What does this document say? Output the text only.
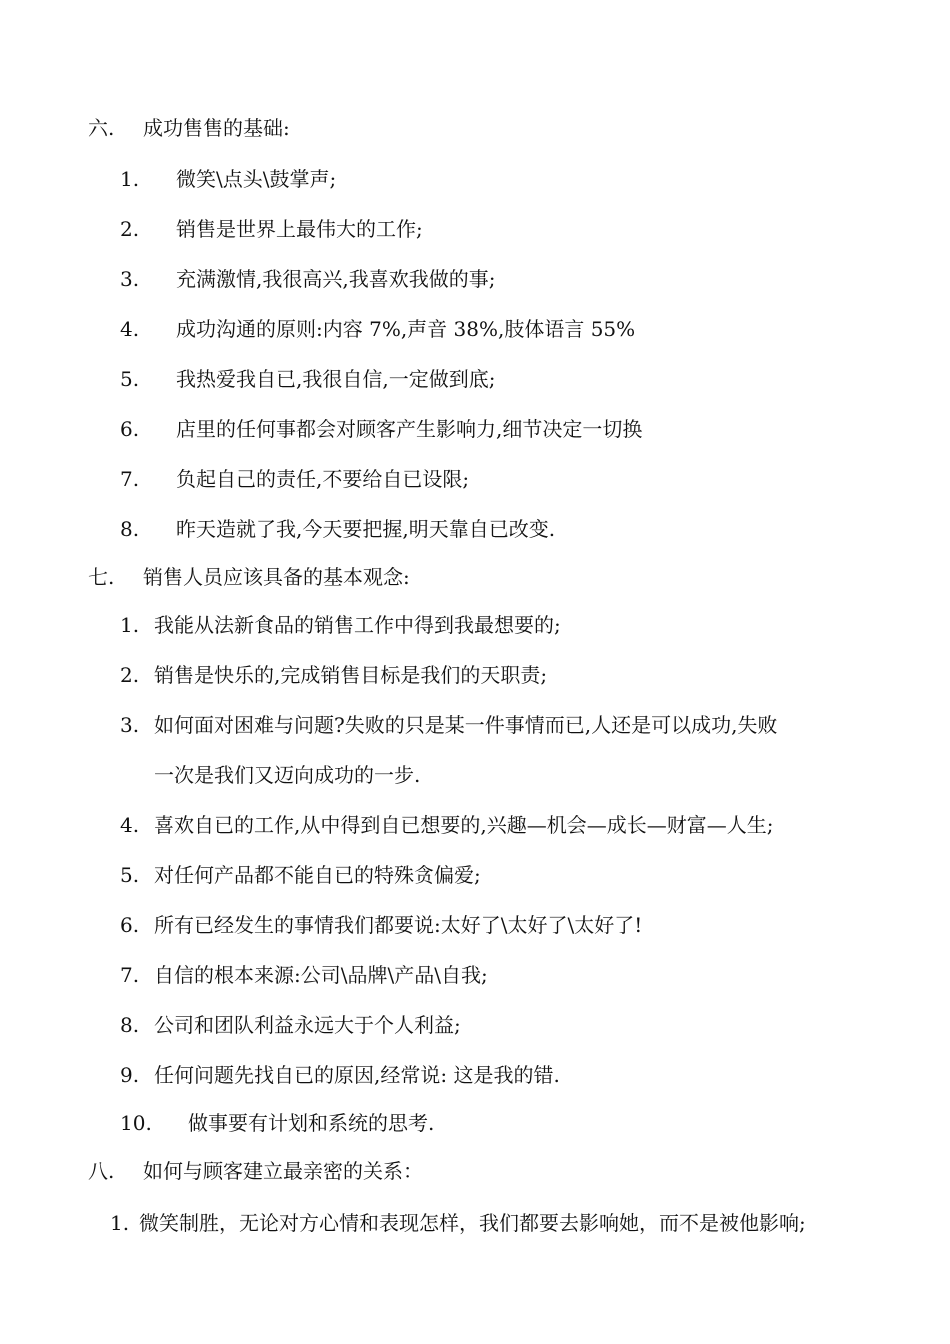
六. 成功售售的基础:
1. 微笑\点头\鼓掌声;
2. 销售是世界上最伟大的工作;
3. 充满激情,我很高兴,我喜欢我做的事;
4. 成功沟通的原则:内容 7%,声音 38%,肢体语言 55%
5. 我热爱我自已,我很自信,一定做到底;
6. 店里的任何事都会对顾客产生影响力,细节决定一切换
7. 负起自己的责任,不要给自已设限;
8. 昨天造就了我,今天要把握,明天靠自已改变.
七. 销售人员应该具备的基本观念:
1. 我能从法新食品的销售工作中得到我最想要的;
2. 销售是快乐的,完成销售目标是我们的天职责;
3. 如何面对困难与问题?失败的只是某一件事情而已,人还是可以成功,失败
一次是我们又迈向成功的一步.
4. 喜欢自已的工作,从中得到自已想要的,兴趣—机会—成长—财富—人生;
5. 对任何产品都不能自已的特殊贪偏爱;
6. 所有已经发生的事情我们都要说:太好了\太好了\太好了!
7. 自信的根本来源:公司\品牌\产品\自我;
8. 公司和团队利益永远大于个人利益;
9. 任何问题先找自已的原因,经常说: 这是我的错.
10. 做事要有计划和系统的思考.
八. 如何与顾客建立最亲密的关系：
1. 微笑制胜，无论对方心情和表现怎样，我们都要去影响她，而不是被他影响;
